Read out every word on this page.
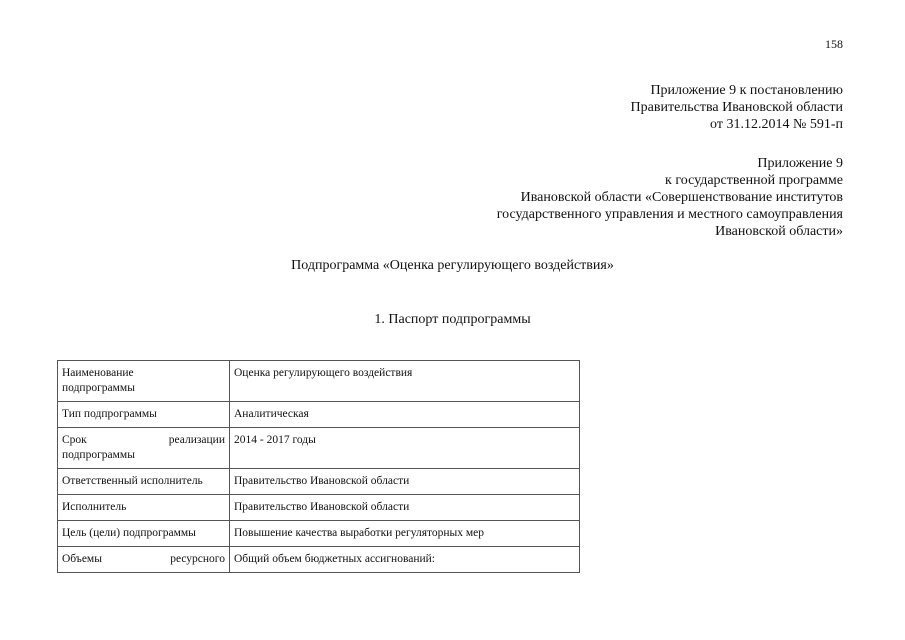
158
Приложение 9 к постановлению
Правительства Ивановской области
от 31.12.2014 № 591-п
Приложение 9
к государственной программе
Ивановской области «Совершенствование институтов
государственного управления и местного самоуправления
Ивановской области»
Подпрограмма «Оценка регулирующего воздействия»
1. Паспорт подпрограммы
Наименование
подпрограммы	Оценка регулирующего воздействия
Тип подпрограммы	Аналитическая

Срок реализации
подпрограммы	2014 - 2017 годы
Ответственный исполнитель	Правительство Ивановской области
Исполнитель	Правительство Ивановской области
Цель (цели) подпрограммы	Повышение качества выработки регуляторных мер
Объемы ресурсного	Общий объем бюджетных ассигнований:
